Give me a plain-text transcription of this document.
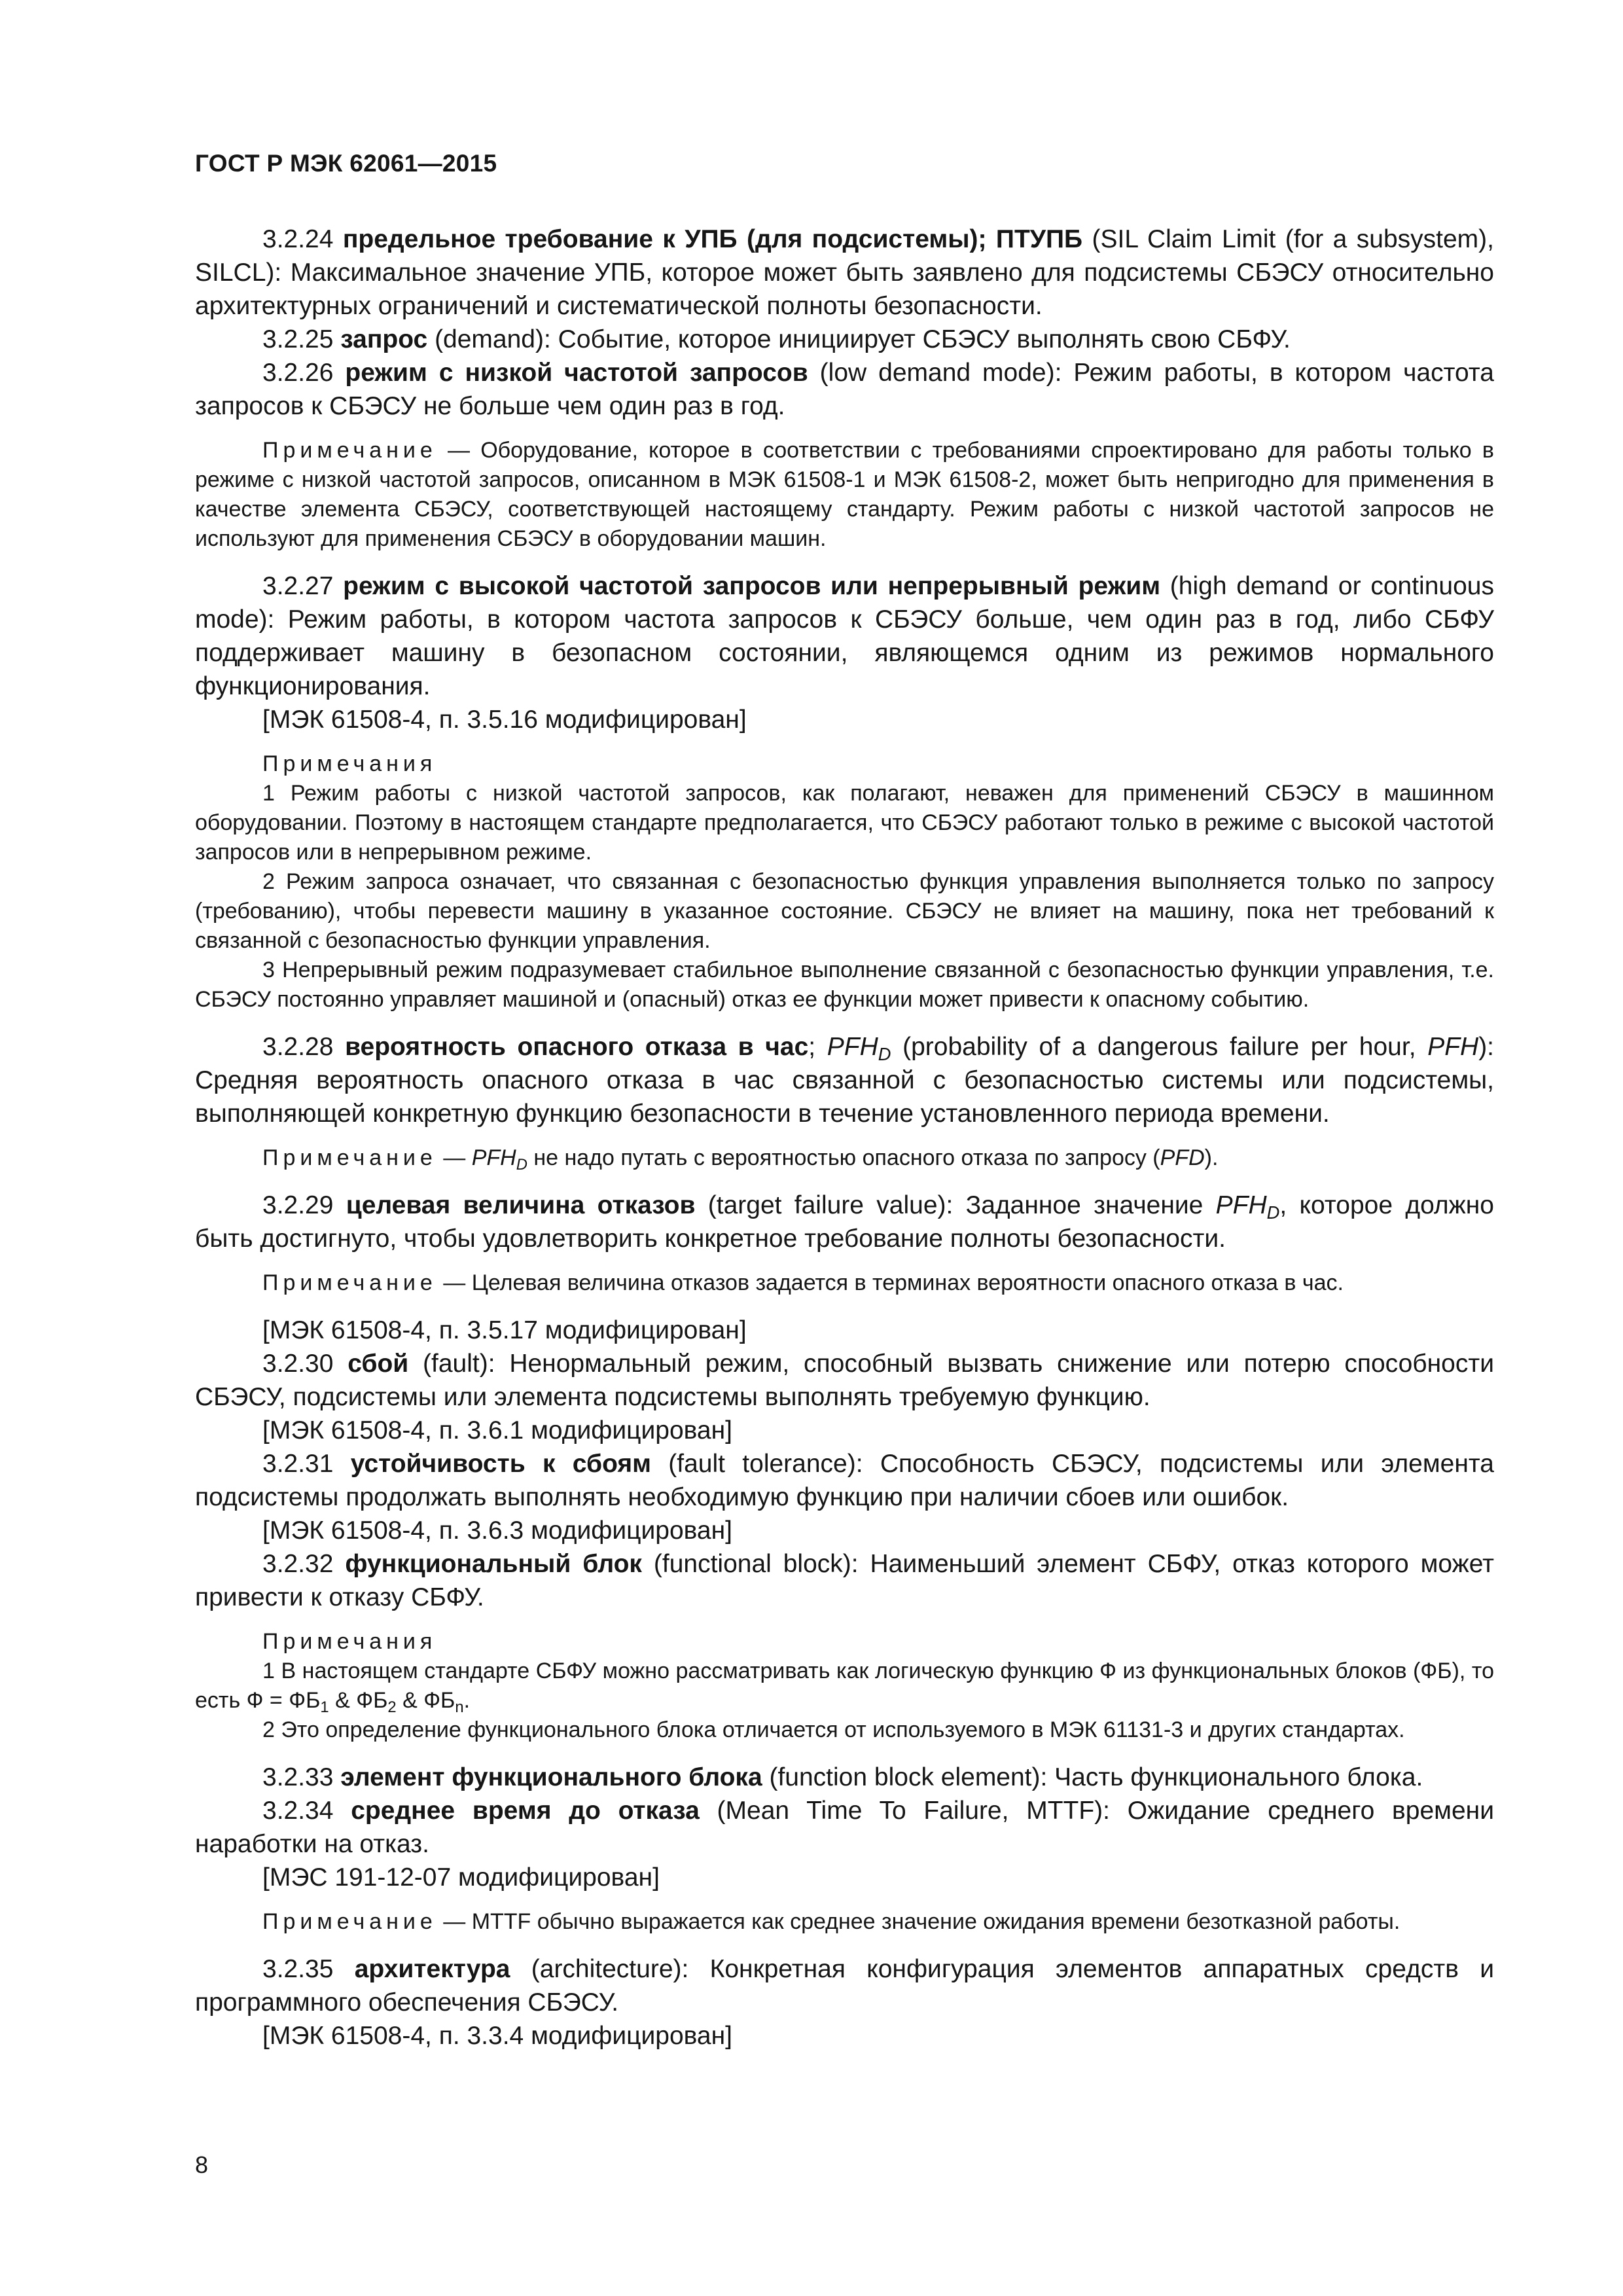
ГОСТ Р МЭК 62061—2015

3.2.24 предельное требование к УПБ (для подсистемы); ПТУПБ (SIL Claim Limit (for a subsystem), SILCL): Максимальное значение УПБ, которое может быть заявлено для подсистемы СБЭСУ относительно архитектурных ограничений и систематической полноты безопасности.

3.2.25 запрос (demand): Событие, которое инициирует СБЭСУ выполнять свою СБФУ.

3.2.26 режим с низкой частотой запросов (low demand mode): Режим работы, в котором частота запросов к СБЭСУ не больше чем один раз в год.

Примечание — Оборудование, которое в соответствии с требованиями спроектировано для работы только в режиме с низкой частотой запросов, описанном в МЭК 61508-1 и МЭК 61508-2, может быть непригодно для применения в качестве элемента СБЭСУ, соответствующей настоящему стандарту. Режим работы с низкой частотой запросов не используют для применения СБЭСУ в оборудовании машин.

3.2.27 режим с высокой частотой запросов или непрерывный режим (high demand or continuous mode): Режим работы, в котором частота запросов к СБЭСУ больше, чем один раз в год, либо СБФУ поддерживает машину в безопасном состоянии, являющемся одним из режимов нормального функционирования.

[МЭК 61508-4, п. 3.5.16 модифицирован]

Примечания

1 Режим работы с низкой частотой запросов, как полагают, неважен для применений СБЭСУ в машинном оборудовании. Поэтому в настоящем стандарте предполагается, что СБЭСУ работают только в режиме с высокой частотой запросов или в непрерывном режиме.

2 Режим запроса означает, что связанная с безопасностью функция управления выполняется только по запросу (требованию), чтобы перевести машину в указанное состояние. СБЭСУ не влияет на машину, пока нет требований к связанной с безопасностью функции управления.

3 Непрерывный режим подразумевает стабильное выполнение связанной с безопасностью функции управления, т.е. СБЭСУ постоянно управляет машиной и (опасный) отказ ее функции может привести к опасному событию.

3.2.28 вероятность опасного отказа в час; $PFH_D$ (probability of a dangerous failure per hour, PFH): Средняя вероятность опасного отказа в час связанной с безопасностью системы или подсистемы, выполняющей конкретную функцию безопасности в течение установленного периода времени.

Примечание — $PFH_D$ не надо путать с вероятностью опасного отказа по запросу (PFD).

3.2.29 целевая величина отказов (target failure value): Заданное значение $PFH_D$, которое должно быть достигнуто, чтобы удовлетворить конкретное требование полноты безопасности.

Примечание — Целевая величина отказов задается в терминах вероятности опасного отказа в час.

[МЭК 61508-4, п. 3.5.17 модифицирован]

3.2.30 сбой (fault): Ненормальный режим, способный вызвать снижение или потерю способности СБЭСУ, подсистемы или элемента подсистемы выполнять требуемую функцию.

[МЭК 61508-4, п. 3.6.1 модифицирован]

3.2.31 устойчивость к сбоям (fault tolerance): Способность СБЭСУ, подсистемы или элемента подсистемы продолжать выполнять необходимую функцию при наличии сбоев или ошибок.

[МЭК 61508-4, п. 3.6.3 модифицирован]

3.2.32 функциональный блок (functional block): Наименьший элемент СБФУ, отказ которого может привести к отказу СБФУ.

Примечания

1 В настоящем стандарте СБФУ можно рассматривать как логическую функцию Ф из функциональных блоков (ФБ), то есть $Ф = ФБ_1$ & $ФБ_2$ & $ФБ_n$.

2 Это определение функционального блока отличается от используемого в МЭК 61131-3 и других стандартах.

3.2.33 элемент функционального блока (function block element): Часть функционального блока.

3.2.34 среднее время до отказа (Mean Time To Failure, MTTF): Ожидание среднего времени наработки на отказ.

[МЭС 191-12-07 модифицирован]

Примечание — MTTF обычно выражается как среднее значение ожидания времени безотказной работы.

3.2.35 архитектура (architecture): Конкретная конфигурация элементов аппаратных средств и программного обеспечения СБЭСУ.

[МЭК 61508-4, п. 3.3.4 модифицирован]

8
